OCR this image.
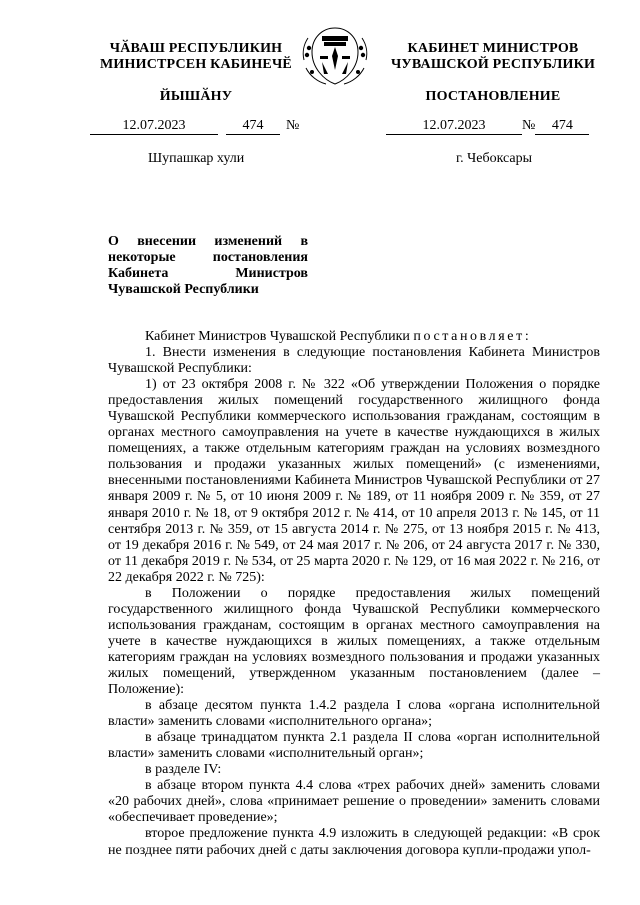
ЧӐВАШ РЕСПУБЛИКИН
МИНИСТРСЕН КАБИНЕЧӖ
ЙЫШӐНУ
КАБИНЕТ МИНИСТРОВ
ЧУВАШСКОЙ РЕСПУБЛИКИ
ПОСТАНОВЛЕНИЕ
12.07.2023	474 №	12.07.2023	№ 474
Шупашкар хули	г. Чебоксары
О внесении изменений в некоторые постановления Кабинета Министров Чувашской Республики

Кабинет Министров Чувашской Республики постановляет:

1. Внести изменения в следующие постановления Кабинета Министров Чувашской Республики:

1) от 23 октября 2008 г. № 322 «Об утверждении Положения о порядке предоставления жилых помещений государственного жилищного фонда Чувашской Республики коммерческого использования гражданам, состоящим в органах местного самоуправления на учете в качестве нуждающихся в жилых помещениях, а также отдельным категориям граждан на условиях возмездного пользования и продажи указанных жилых помещений» (с изменениями, внесенными постановлениями Кабинета Министров Чувашской Республики от 27 января 2009 г. № 5, от 10 июня 2009 г. № 189, от 11 ноября 2009 г. № 359, от 27 января 2010 г. № 18, от 9 октября 2012 г. № 414, от 10 апреля 2013 г. № 145, от 11 сентября 2013 г. № 359, от 15 августа 2014 г. № 275, от 13 ноября 2015 г. № 413, от 19 декабря 2016 г. № 549, от 24 мая 2017 г. № 206, от 24 августа 2017 г. № 330, от 11 декабря 2019 г. № 534, от 25 марта 2020 г. № 129, от 16 мая 2022 г. № 216, от 22 декабря 2022 г. № 725):

в Положении о порядке предоставления жилых помещений государственного жилищного фонда Чувашской Республики коммерческого использования гражданам, состоящим в органах местного самоуправления на учете в качестве нуждающихся в жилых помещениях, а также отдельным категориям граждан на условиях возмездного пользования и продажи указанных жилых помещений, утвержденном указанным постановлением (далее – Положение):

в абзаце десятом пункта 1.4.2 раздела I слова «органа исполнительной власти» заменить словами «исполнительного органа»;

в абзаце тринадцатом пункта 2.1 раздела II слова «орган исполнительной власти» заменить словами «исполнительный орган»;

в разделе IV:

в абзаце втором пункта 4.4 слова «трех рабочих дней» заменить словами «20 рабочих дней», слова «принимает решение о проведении» заменить словами «обеспечивает проведение»;

второе предложение пункта 4.9 изложить в следующей редакции: «В срок не позднее пяти рабочих дней с даты заключения договора купли-продажи упол-
